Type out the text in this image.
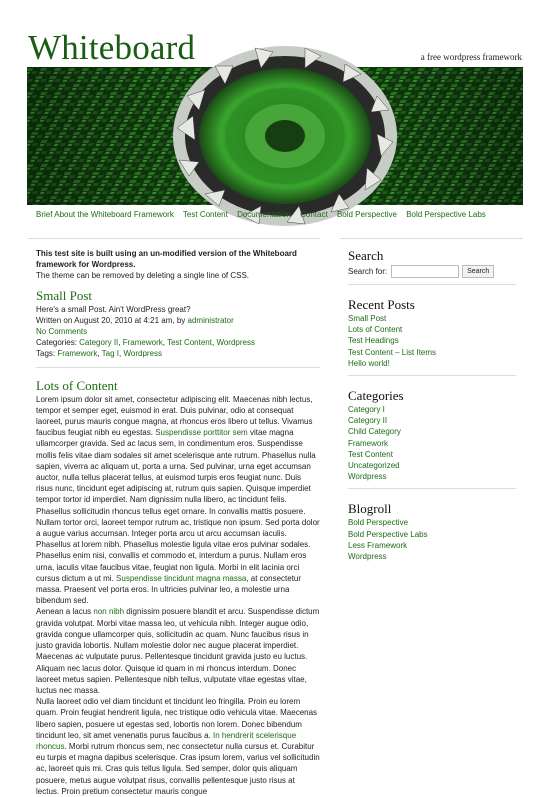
Whiteboard	a free wordpress framework
Brief About the Whiteboard Framework Test Content Documentation Contact Bold Perspective Bold Perspective Labs

This test site is built using an un-modified version of the Whiteboard framework for Wordpress.

The theme can be removed by deleting a single line of CSS.

Small Post

Here's a small Post. Ain't WordPress great?

Written on August 20, 2010 at 4:21 am, by administrator

No Comments

Categories: Category II, Framework, Test Content, Wordpress

Tags: Framework, Tag I, Wordpress

Lots of Content

Lorem ipsum dolor sit amet, consectetur adipiscing elit. Maecenas nibh lectus, tempor et semper eget, euismod in erat. Duis pulvinar, odio at consequat laoreet, purus mauris congue magna, at rhoncus eros libero ut tellus. Vivamus faucibus feugiat nibh eu egestas. Suspendisse porttitor sem vitae magna ullamcorper gravida. Sed ac lacus sem, in condimentum eros. Suspendisse mollis felis vitae diam sodales sit amet scelerisque ante rutrum. Phasellus nulla sapien, viverra ac aliquam ut, porta a urna. Sed pulvinar, urna eget accumsan auctor, nulla tellus placerat tellus, at euismod turpis eros feugiat nunc. Duis risus nunc, tincidunt eget adipiscing at, rutrum quis sapien. Quisque imperdiet tempor tortor id imperdiet. Nam dignissim nulla libero, ac tincidunt felis.

Phasellus sollicitudin rhoncus tellus eget ornare. In convallis mattis posuere. Nullam tortor orci, laoreet tempor rutrum ac, tristique non ipsum. Sed porta dolor a augue varius accumsan. Integer porta arcu ut arcu accumsan iaculis. Phasellus at lorem nibh. Phasellus molestie ligula vitae eros pulvinar sodales. Phasellus enim nisi, convallis et commodo et, interdum a purus. Nullam eros urna, iaculis vitae faucibus vitae, feugiat non ligula. Morbi in elit lacinia orci cursus dictum a ut mi. Suspendisse tincidunt magna massa, at consectetur massa. Praesent vel porta eros. In ultricies pulvinar leo, a molestie urna bibendum sed.

Aenean a lacus non nibh dignissim posuere blandit et arcu. Suspendisse dictum gravida volutpat. Morbi vitae massa leo, ut vehicula nibh. Integer augue odio, gravida congue ullamcorper quis, sollicitudin ac quam. Nunc faucibus risus in justo gravida lobortis. Nullam molestie dolor nec augue placerat imperdiet. Maecenas ac vulputate purus. Pellentesque tincidunt gravida justo eu luctus. Aliquam nec lacus dolor. Quisque id quam in mi rhoncus interdum. Donec laoreet metus sapien. Pellentesque nibh tellus, vulputate vitae egestas vitae, luctus nec massa.

Nulla laoreet odio vel diam tincidunt et tincidunt leo fringilla. Proin eu lorem quam. Proin feugiat hendrerit ligula, nec tristique odio vehicula vitae. Maecenas libero sapien, posuere ut egestas sed, lobortis non lorem. Donec bibendum tincidunt leo, sit amet venenatis purus faucibus a. In hendrerit scelerisque rhoncus. Morbi rutrum rhoncus sem, nec consectetur nulla cursus et. Curabitur eu turpis et magna dapibus scelerisque. Cras ipsum lorem, varius vel sollicitudin ac, laoreet quis mi. Cras quis tellus ligula. Sed semper, dolor quis aliquam posuere, metus augue volutpat risus, convallis pellentesque justo risus at lectus. Proin pretium consectetur mauris congue

Search
Search for:	Search
Recent Posts
Small Post
Lots of Content
Test Headings
Test Content – List Items
Hello world!
Categories
Category I
Category II
Child Category
Framework
Test Content
Uncategorized
Wordpress
Blogroll
Bold Perspective
Bold Perspective Labs
Less Framework
Wordpress
